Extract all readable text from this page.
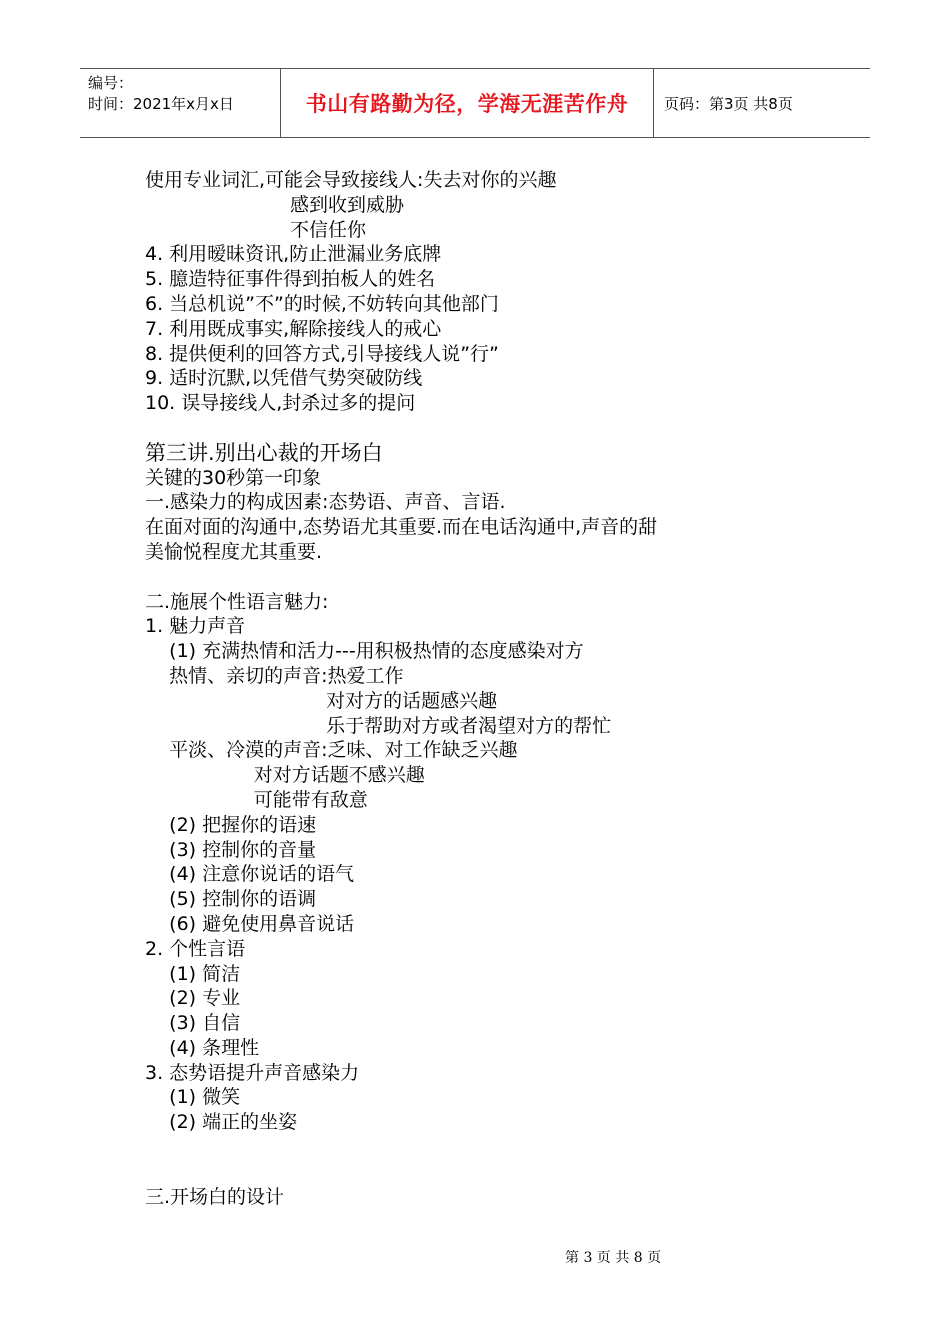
编号：
时间：2021年x月x日	书山有路勤为径，学海无涯苦作舟	页码：第3页 共8页
使用专业词汇,可能会导致接线人:失去对你的兴趣
感到收到威胁
不信任你
4. 利用暧昧资讯,防止泄漏业务底牌
5. 臆造特征事件得到拍板人的姓名
6. 当总机说”不”的时候,不妨转向其他部门
7. 利用既成事实,解除接线人的戒心
8. 提供便利的回答方式,引导接线人说”行”
9. 适时沉默,以凭借气势突破防线
10. 误导接线人,封杀过多的提问
第三讲.别出心裁的开场白
关键的30秒第一印象
一.感染力的构成因素:态势语、声音、言语.
在面对面的沟通中,态势语尤其重要.而在电话沟通中,声音的甜
美愉悦程度尤其重要.
二.施展个性语言魅力:
1. 魅力声音
(1) 充满热情和活力---用积极热情的态度感染对方
热情、亲切的声音:热爱工作
对对方的话题感兴趣
乐于帮助对方或者渴望对方的帮忙
平淡、冷漠的声音:乏味、对工作缺乏兴趣
对对方话题不感兴趣
可能带有敌意
(2) 把握你的语速
(3) 控制你的音量
(4) 注意你说话的语气
(5) 控制你的语调
(6) 避免使用鼻音说话
2. 个性言语
(1) 简洁
(2) 专业
(3) 自信
(4) 条理性
3. 态势语提升声音感染力
(1) 微笑
(2) 端正的坐姿
三.开场白的设计
第 3 页 共 8 页
